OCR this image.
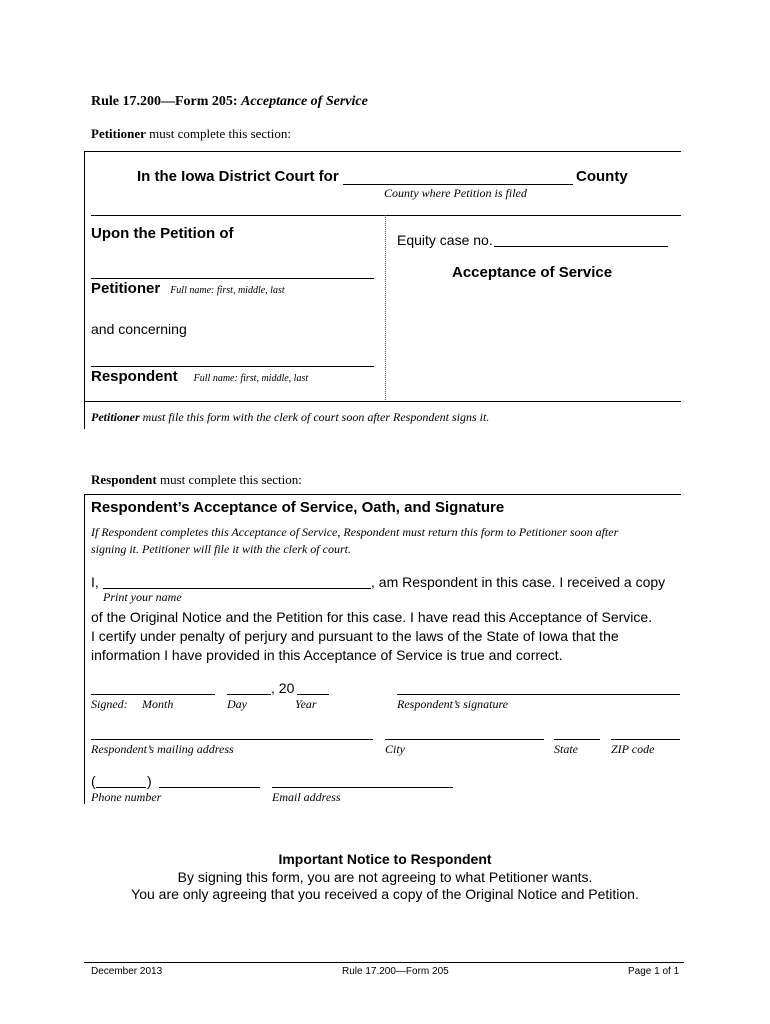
Rule 17.200—Form 205: Acceptance of Service
Petitioner must complete this section:
In the Iowa District Court for	County
County where Petition is filed
Upon the Petition of
Petitioner Full name: first, middle, last
and concerning
Respondent Full name: first, middle, last
Equity case no.
Acceptance of Service
Petitioner must file this form with the clerk of court soon after Respondent signs it.
Respondent must complete this section:
Respondent’s Acceptance of Service, Oath, and Signature
If Respondent completes this Acceptance of Service, Respondent must return this form to Petitioner soon after
signing it. Petitioner will file it with the clerk of court.
I,	, am Respondent in this case. I received a copy
Print your name
of the Original Notice and the Petition for this case. I have read this Acceptance of Service.
I certify under penalty of perjury and pursuant to the laws of the State of Iowa that the
information I have provided in this Acceptance of Service is true and correct.
, 20
Signed: Month	Day	Year	Respondent’s signature
Respondent’s mailing address	City	State	ZIP code
(	)
Phone number	Email address
Important Notice to Respondent
By signing this form, you are not agreeing to what Petitioner wants.
You are only agreeing that you received a copy of the Original Notice and Petition.
December 2013	Rule 17.200—Form 205	Page 1 of 1
